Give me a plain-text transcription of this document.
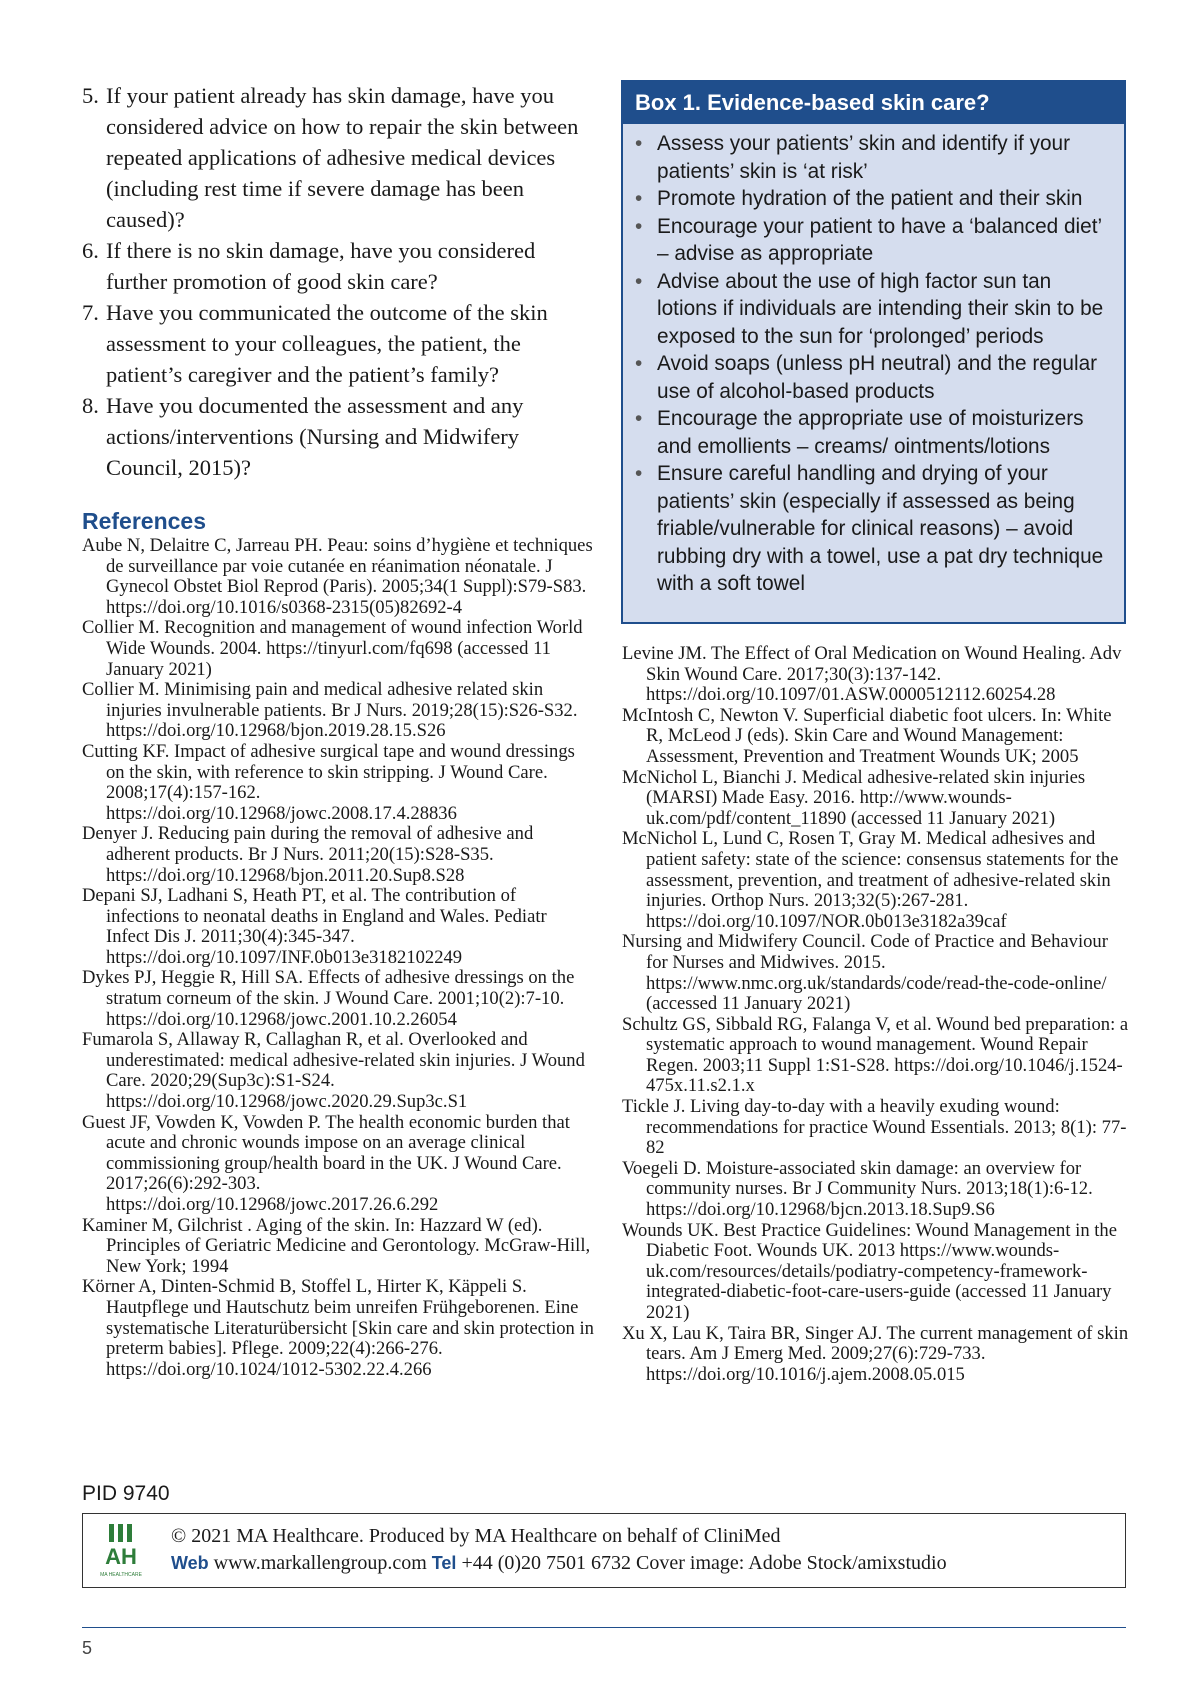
5. If your patient already has skin damage, have you considered advice on how to repair the skin between repeated applications of adhesive medical devices (including rest time if severe damage has been caused)?
6. If there is no skin damage, have you considered further promotion of good skin care?
7. Have you communicated the outcome of the skin assessment to your colleagues, the patient, the patient’s caregiver and the patient’s family?
8. Have you documented the assessment and any actions/interventions (Nursing and Midwifery Council, 2015)?
References

Aube N, Delaitre C, Jarreau PH. Peau: soins d’hygiène et techniques de surveillance par voie cutanée en réanimation néonatale. J Gynecol Obstet Biol Reprod (Paris). 2005;34(1 Suppl):S79-S83. https://doi.org/10.1016/s0368-2315(05)82692-4

Collier M. Recognition and management of wound infection World Wide Wounds. 2004. https://tinyurl.com/fq698 (accessed 11 January 2021)

Collier M. Minimising pain and medical adhesive related skin injuries invulnerable patients. Br J Nurs. 2019;28(15):S26-S32. https://doi.org/10.12968/bjon.2019.28.15.S26

Cutting KF. Impact of adhesive surgical tape and wound dressings on the skin, with reference to skin stripping. J Wound Care. 2008;17(4):157-162. https://doi.org/10.12968/jowc.2008.17.4.28836

Denyer J. Reducing pain during the removal of adhesive and adherent products. Br J Nurs. 2011;20(15):S28-S35. https://doi.org/10.12968/bjon.2011.20.Sup8.S28

Depani SJ, Ladhani S, Heath PT, et al. The contribution of infections to neonatal deaths in England and Wales. Pediatr Infect Dis J. 2011;30(4):345-347. https://doi.org/10.1097/INF.0b013e3182102249

Dykes PJ, Heggie R, Hill SA. Effects of adhesive dressings on the stratum corneum of the skin. J Wound Care. 2001;10(2):7-10. https://doi.org/10.12968/jowc.2001.10.2.26054

Fumarola S, Allaway R, Callaghan R, et al. Overlooked and underestimated: medical adhesive-related skin injuries. J Wound Care. 2020;29(Sup3c):S1-S24. https://doi.org/10.12968/jowc.2020.29.Sup3c.S1

Guest JF, Vowden K, Vowden P. The health economic burden that acute and chronic wounds impose on an average clinical commissioning group/health board in the UK. J Wound Care. 2017;26(6):292-303. https://doi.org/10.12968/jowc.2017.26.6.292

Kaminer M, Gilchrist . Aging of the skin. In: Hazzard W (ed). Principles of Geriatric Medicine and Gerontology. McGraw-Hill, New York; 1994

Körner A, Dinten-Schmid B, Stoffel L, Hirter K, Käppeli S. Hautpflege und Hautschutz beim unreifen Frühgeborenen. Eine systematische Literaturübersicht [Skin care and skin protection in preterm babies]. Pflege. 2009;22(4):266-276. https://doi.org/10.1024/1012-5302.22.4.266

Box 1. Evidence-based skin care?
• Assess your patients’ skin and identify if your patients’ skin is ‘at risk’
• Promote hydration of the patient and their skin
• Encourage your patient to have a ‘balanced diet’ – advise as appropriate
• Advise about the use of high factor sun tan lotions if individuals are intending their skin to be exposed to the sun for ‘prolonged’ periods
• Avoid soaps (unless pH neutral) and the regular use of alcohol-based products
• Encourage the appropriate use of moisturizers and emollients – creams/ ointments/lotions
• Ensure careful handling and drying of your patients’ skin (especially if assessed as being friable/vulnerable for clinical reasons) – avoid rubbing dry with a towel, use a pat dry technique with a soft towel

Levine JM. The Effect of Oral Medication on Wound Healing. Adv Skin Wound Care. 2017;30(3):137-142. https://doi.org/10.1097/01.ASW.0000512112.60254.28

McIntosh C, Newton V. Superficial diabetic foot ulcers. In: White R, McLeod J (eds). Skin Care and Wound Management: Assessment, Prevention and Treatment Wounds UK; 2005

McNichol L, Bianchi J. Medical adhesive-related skin injuries (MARSI) Made Easy. 2016. http://www.wounds-uk.com/pdf/content_11890 (accessed 11 January 2021)

McNichol L, Lund C, Rosen T, Gray M. Medical adhesives and patient safety: state of the science: consensus statements for the assessment, prevention, and treatment of adhesive-related skin injuries. Orthop Nurs. 2013;32(5):267-281. https://doi.org/10.1097/NOR.0b013e3182a39caf

Nursing and Midwifery Council. Code of Practice and Behaviour for Nurses and Midwives. 2015. https://www.nmc.org.uk/standards/code/read-the-code-online/ (accessed 11 January 2021)

Schultz GS, Sibbald RG, Falanga V, et al. Wound bed preparation: a systematic approach to wound management. Wound Repair Regen. 2003;11 Suppl 1:S1-S28. https://doi.org/10.1046/j.1524-475x.11.s2.1.x

Tickle J. Living day-to-day with a heavily exuding wound: recommendations for practice Wound Essentials. 2013; 8(1): 77-82

Voegeli D. Moisture-associated skin damage: an overview for community nurses. Br J Community Nurs. 2013;18(1):6-12. https://doi.org/10.12968/bjcn.2013.18.Sup9.S6

Wounds UK. Best Practice Guidelines: Wound Management in the Diabetic Foot. Wounds UK. 2013 https://www.wounds-uk.com/resources/details/podiatry-competency-framework-integrated-diabetic-foot-care-users-guide (accessed 11 January 2021)

Xu X, Lau K, Taira BR, Singer AJ. The current management of skin tears. Am J Emerg Med. 2009;27(6):729-733. https://doi.org/10.1016/j.ajem.2008.05.015

PID 9740

AH
MA HEALTHCARE
© 2021 MA Healthcare. Produced by MA Healthcare on behalf of CliniMed
Web www.markallengroup.com Tel +44 (0)20 7501 6732 Cover image: Adobe Stock/amixstudio

5
